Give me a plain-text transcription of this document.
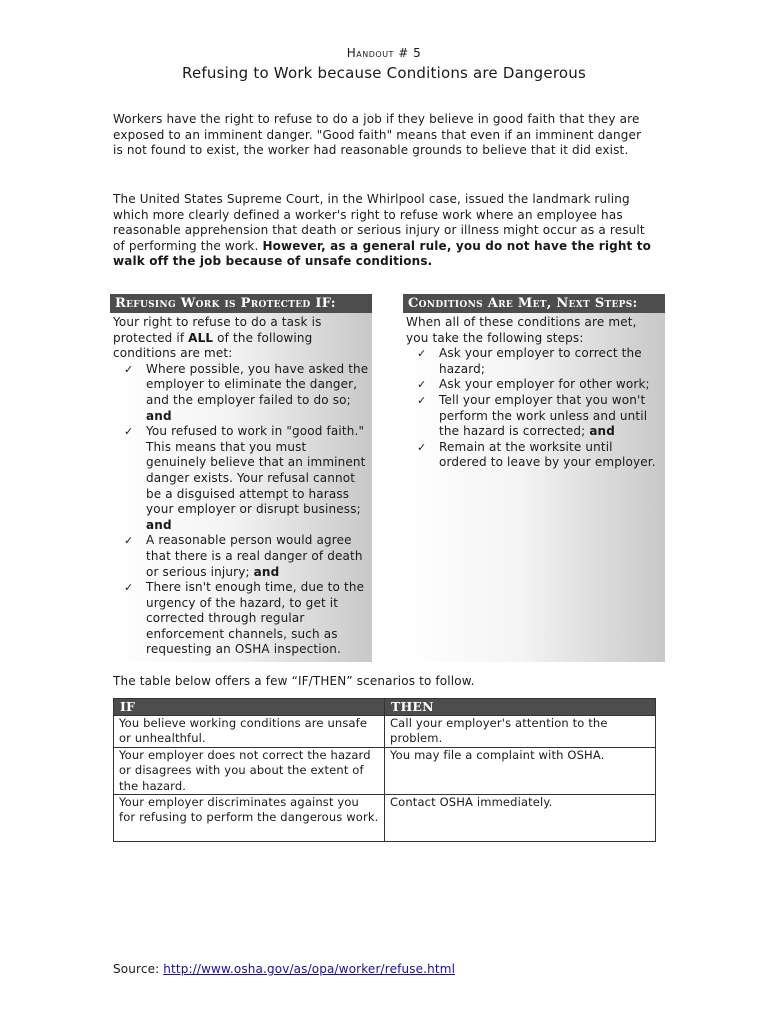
Handout # 5
Refusing to Work because Conditions are Dangerous
Workers have the right to refuse to do a job if they believe in good faith that they are exposed to an imminent danger. "Good faith" means that even if an imminent danger is not found to exist, the worker had reasonable grounds to believe that it did exist.
The United States Supreme Court, in the Whirlpool case, issued the landmark ruling which more clearly defined a worker's right to refuse work where an employee has reasonable apprehension that death or serious injury or illness might occur as a result of performing the work. However, as a general rule, you do not have the right to walk off the job because of unsafe conditions.
Refusing Work is Protected IF:
Your right to refuse to do a task is protected if ALL of the following conditions are met:
✓ Where possible, you have asked the employer to eliminate the danger, and the employer failed to do so; and
✓ You refused to work in "good faith." This means that you must genuinely believe that an imminent danger exists. Your refusal cannot be a disguised attempt to harass your employer or disrupt business; and
✓ A reasonable person would agree that there is a real danger of death or serious injury; and
✓ There isn't enough time, due to the urgency of the hazard, to get it corrected through regular enforcement channels, such as requesting an OSHA inspection.
Conditions Are Met, Next Steps:
When all of these conditions are met, you take the following steps:
✓ Ask your employer to correct the hazard;
✓ Ask your employer for other work;
✓ Tell your employer that you won't perform the work unless and until the hazard is corrected; and
✓ Remain at the worksite until ordered to leave by your employer.
The table below offers a few “IF/THEN” scenarios to follow.
IF	THEN
You believe working conditions are unsafe or unhealthful.	Call your employer's attention to the problem.
Your employer does not correct the hazard or disagrees with you about the extent of the hazard.	You may file a complaint with OSHA.
Your employer discriminates against you for refusing to perform the dangerous work.	Contact OSHA immediately.
Source: http://www.osha.gov/as/opa/worker/refuse.html
